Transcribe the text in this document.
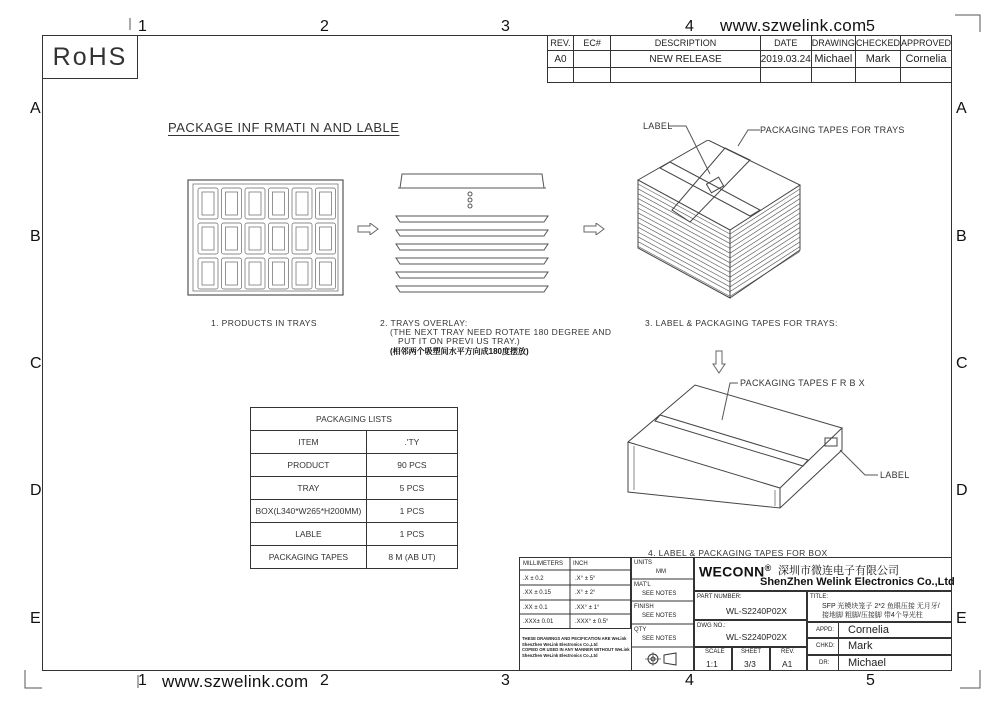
1	2	3	4	5
www.szwelink.com
1	2	3	4	5
www.szwelink.com
A
B
C
D
E
A
B
C
D
E
RoHS	REV.	EC#	DESCRIPTION	DATE	DRAWING	CHECKED	APPROVED
A0		NEW RELEASE	2019.03.24	Michael	Mark	Cornelia

PACKAGE INF RMATI N AND LABLE	LABEL	PACKAGING TAPES FOR TRAYS
PACKAGING TAPES F R B X
LABEL
1. PRODUCTS IN TRAYS	2. TRAYS OVERLAY:
(THE NEXT TRAY NEED ROTATE 180 DEGREE AND
PUT IT ON PREVI US TRAY.)
(相邻两个吸塑间水平方向成180度摆放)
3. LABEL & PACKAGING TAPES FOR TRAYS:
4. LABEL & PACKAGING TAPES FOR BOX
PACKAGING LISTS	
ITEM	.'TY
PRODUCT	90 PCS
TRAY	5 PCS
BOX(L340*W265*H200MM)	1 PCS
LABLE	1 PCS
PACKAGING TAPES	8 M (AB UT)
MILLIMETERS INCH
.X ± 0.2	.X° ± 5°
.XX ± 0.15	.X° ± 2°
.XX ± 0.1	.XX° ± 1°
.XXX± 0.01	.XXX° ± 0.5°
THESE DRAWINGS AND PECIFICATION ARE WeLink
ShenZhen WeLink Electronics Co.,Ltd
COPIED OR USED IN ANY MANNER WITHOUT WeLink
ShenZhen WeLink Electronics Co.,Ltd
UNITS
MM
MAT'L
SEE NOTES
FINISH
SEE NOTES
QTY
SEE NOTES
WECONN® 深圳市微连电子有限公司
ShenZhen Welink Electronics Co.,Ltd
PART NUMBER:
WL-S2240P02X
DWG NO.:
WL-S2240P02X
TITLE:
SFP 光模块笼子 2*2 鱼眼压接 无月牙/
接地脚 粗脚/压接脚 带4个导光柱
SCALE
1:1
SHEET
3/3
REV.
A1
APPD: Cornelia
CHKD: Mark
DR: Michael
